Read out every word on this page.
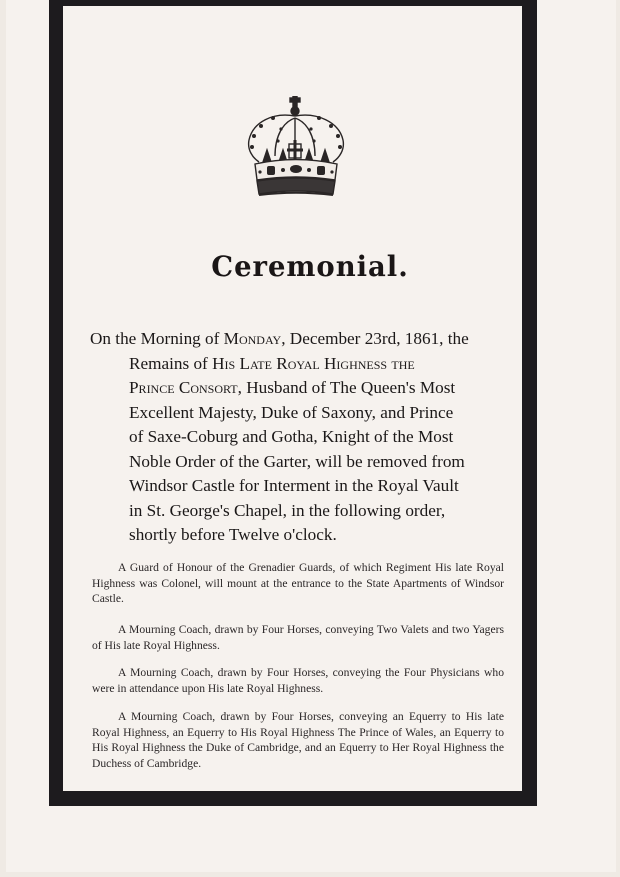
Ceremonial.
On the Morning of Monday, December 23rd, 1861, the
Remains of His Late Royal Highness the
Prince Consort, Husband of The Queen's Most
Excellent Majesty, Duke of Saxony, and Prince
of Saxe-Coburg and Gotha, Knight of the Most
Noble Order of the Garter, will be removed from
Windsor Castle for Interment in the Royal Vault
in St. George's Chapel, in the following order,
shortly before Twelve o'clock.
A Guard of Honour of the Grenadier Guards, of which Regiment His late Royal Highness was Colonel, will mount at the entrance to the State Apartments of Windsor Castle.
A Mourning Coach, drawn by Four Horses, conveying Two Valets and two Yagers of His late Royal Highness.
A Mourning Coach, drawn by Four Horses, conveying the Four Physicians who were in attendance upon His late Royal Highness.
A Mourning Coach, drawn by Four Horses, conveying an Equerry to His late Royal Highness, an Equerry to His Royal Highness The Prince of Wales, an Equerry to His Royal Highness the Duke of Cambridge, and an Equerry to Her Royal Highness the Duchess of Cambridge.
